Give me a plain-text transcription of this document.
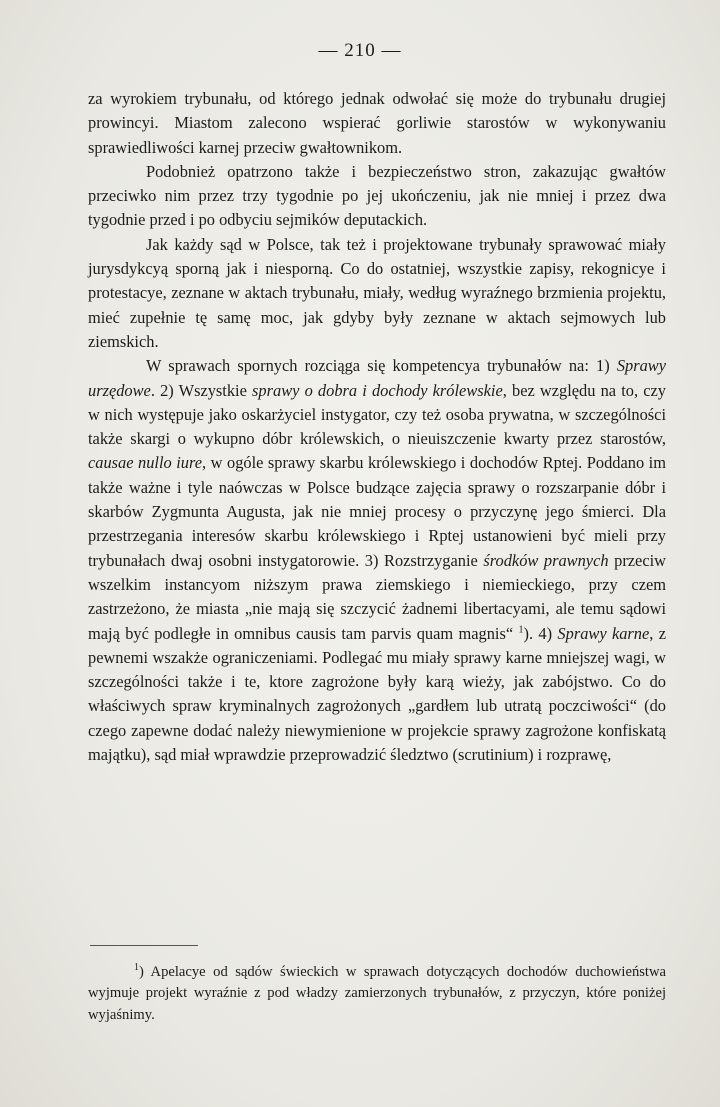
— 210 —

za wyrokiem trybunału, od którego jednak odwołać się może do trybunału drugiej prowincyi. Miastom zalecono wspierać gorliwie starostów w wykonywaniu sprawiedliwości karnej przeciw gwałtownikom.

Podobnież opatrzono także i bezpieczeństwo stron, zakazując gwałtów przeciwko nim przez trzy tygodnie po jej ukończeniu, jak nie mniej i przez dwa tygodnie przed i po odbyciu sejmików deputackich.

Jak każdy sąd w Polsce, tak też i projektowane trybunały sprawować miały jurysdykcyą sporną jak i niesporną. Co do ostatniej, wszystkie zapisy, rekognicye i protestacye, zeznane w aktach trybunału, miały, według wyraźnego brzmienia projektu, mieć zupełnie tę samę moc, jak gdyby były zeznane w aktach sejmowych lub ziemskich.

W sprawach spornych rozciąga się kompetencya trybunałów na: 1) Sprawy urzędowe. 2) Wszystkie sprawy o dobra i dochody królewskie, bez względu na to, czy w nich występuje jako oskarżyciel instygator, czy też osoba prywatna, w szczególności także skargi o wykupno dóbr królewskich, o nieuiszczenie kwarty przez starostów, causae nullo iure, w ogóle sprawy skarbu królewskiego i dochodów Rptej. Poddano im także ważne i tyle naówczas w Polsce budzące zajęcia sprawy o rozszarpanie dóbr i skarbów Zygmunta Augusta, jak nie mniej procesy o przyczynę jego śmierci. Dla przestrzegania interesów skarbu królewskiego i Rptej ustanowieni być mieli przy trybunałach dwaj osobni instygatorowie. 3) Rozstrzyganie środków prawnych przeciw wszelkim instancyom niższym prawa ziemskiego i niemieckiego, przy czem zastrzeżono, że miasta „nie mają się szczycić żadnemi libertacyami, ale temu sądowi mają być podległe in omnibus causis tam parvis quam magnis“ $^1$). 4) Sprawy karne, z pewnemi wszakże ograniczeniami. Podlegać mu miały sprawy karne mniejszej wagi, w szczególności także i te, ktore zagrożone były karą wieży, jak zabójstwo. Co do właściwych spraw kryminalnych zagrożonych „gardłem lub utratą poczciwości“ (do czego zapewne dodać należy niewymienione w projekcie sprawy zagrożone konfiskatą majątku), sąd miał wprawdzie przeprowadzić śledztwo (scrutinium) i rozprawę,

$^1$) Apelacye od sądów świeckich w sprawach dotyczących dochodów duchowieństwa wyjmuje projekt wyraźnie z pod władzy zamierzonych trybunałów, z przyczyn, które poniżej wyjaśnimy.
